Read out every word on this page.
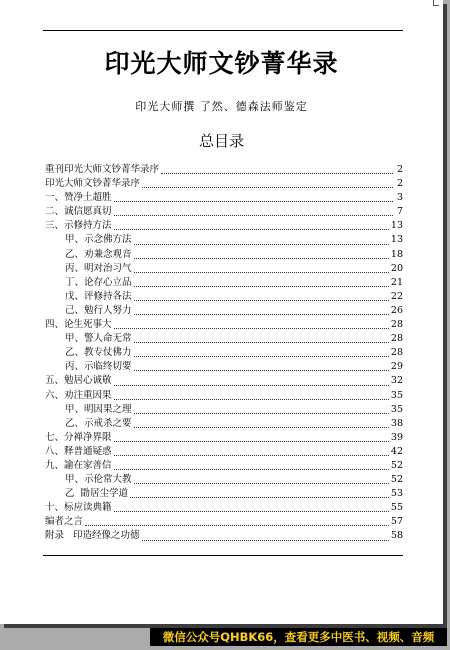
印光大师文钞菁华录
印光大师撰 了然、德森法师鉴定
总目录
重刊印光大师文钞菁华录序	2
印光大师文钞菁华录序	2
一、赞净土超胜	3
二、诚信愿真切	7
三、示修持方法	13
甲、示念佛方法	13
乙、劝兼念观音	18
丙、明对治习气	20
丁、论存心立品	21
戊、评修持各法	22
己、勉行人努力	26
四、论生死事大	28
甲、警人命无常	28
乙、教专仗佛力	28
丙、示临终切要	29
五、勉居心诚敬	32
六、劝注重因果	35
甲、明因果之理	35
乙、示戒杀之要	38
七、分禅净界限	39
八、释普通疑惑	42
九、諭在家善信	52
甲、示伦常大教	52
乙  勖居尘学道	53
十、标应读典籍	55
编者之言	57
附录   印造经像之功德	58
微信公众号QHBK66，查看更多中医书、视频、音频
